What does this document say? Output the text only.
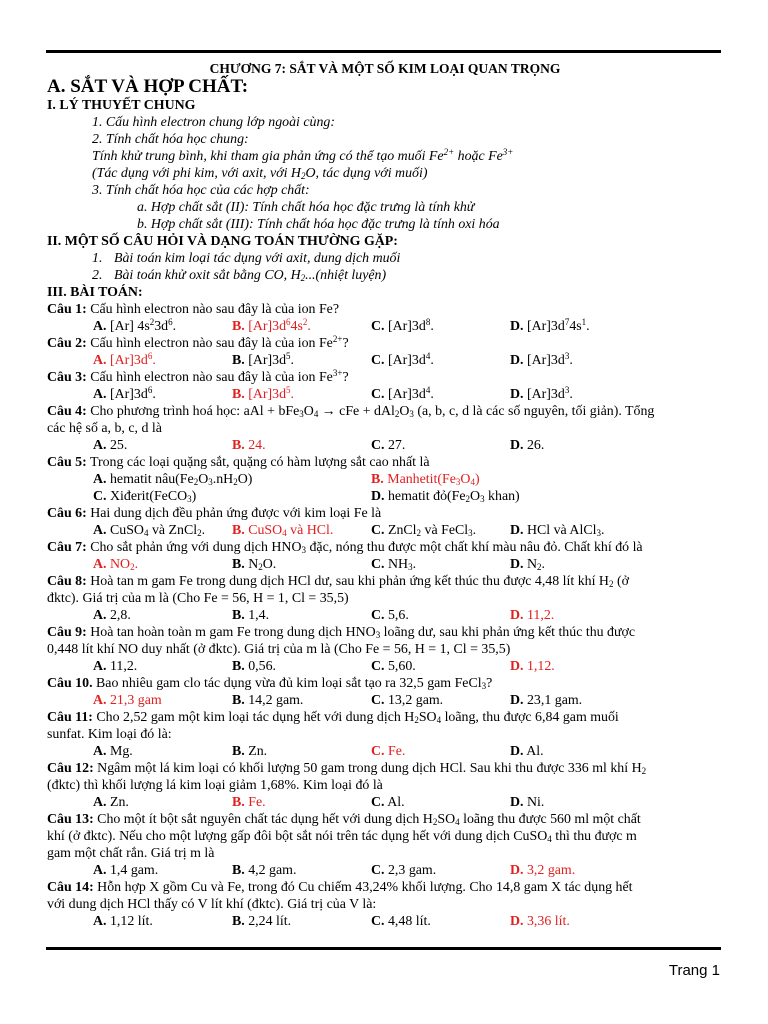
CHƯƠNG 7: SẮT VÀ MỘT SỐ KIM LOẠI QUAN TRỌNG
A. SẮT VÀ HỢP CHẤT:
I. LÝ THUYẾT CHUNG
1. Cấu hình electron chung lớp ngoài cùng:
2. Tính chất hóa học chung:
Tính khử trung bình, khi tham gia phản ứng có thể tạo muối $Fe^{2+}$ hoặc $Fe^{3+}$
(Tác dụng với phi kim, với axit, với $H_2O$, tác dụng với muối)
3. Tính chất hóa học của các hợp chất:
a. Hợp chất sắt (II): Tính chất hóa học đặc trưng là tính khử
b. Hợp chất sắt (III): Tính chất hóa học đặc trưng là tính oxi hóa
II. MỘT SỐ CÂU HỎI VÀ DẠNG TOÁN THƯỜNG GẶP:
1. Bài toán kim loại tác dụng với axit, dung dịch muối
2. Bài toán khử oxit sắt bằng CO, $H_2...(nhiệt$ luyện)
III. BÀI TOÁN:
Câu 1: Cấu hình electron nào sau đây là của ion Fe?
A. [Ar] $4s^23d^6$.	B. $[Ar]3d^64s^2$.	C. $[Ar]3d^8$.	D. $[Ar]3d^74s^1$.
Câu 2: Cấu hình electron nào sau đây là của ion $Fe^{2+}$?
A. $[Ar]3d^6$.	B. $[Ar]3d^5$.	C. $[Ar]3d^4$.	D. $[Ar]3d^3$.
Câu 3: Cấu hình electron nào sau đây là của ion $Fe^{3+}$?
A. $[Ar]3d^6$.	B. $[Ar]3d^5$.	C. $[Ar]3d^4$.	D. $[Ar]3d^3$.
Câu 4: Cho phương trình hoá học: aAl + $bFe_3O_4$ → cFe + $dAl_2O_3$ (a, b, c, d là các số nguyên, tối giản). Tổng
các hệ số a, b, c, d là
A. 25.	B. 24.	C. 27.	D. 26.
Câu 5: Trong các loại quặng sắt, quặng có hàm lượng sắt cao nhất là
A. hematit $nâu(Fe_2O_3.nH_2O)$	B. $Manhetit(Fe_3O_4)$
C. Xiđerit(FeCO$_3$)	D. hematit $đỏ(Fe_2O_3$ khan)
Câu 6: Hai dung dịch đều phản ứng được với kim loại Fe là
A. CuSO$_4$ và ZnCl$_2$.	B. CuSO$_4$ và HCl.	C. ZnCl$_2$ và FeCl$_3$.	D. HCl và AlCl$_3$.
Câu 7: Cho sắt phản ứng với dung dịch $HNO_3$ đặc, nóng thu được một chất khí màu nâu đỏ. Chất khí đó là
A. $NO_2$.	B. $N_2O$.	C. $NH_3$.	D. $N_2$.
Câu 8: Hoà tan m gam Fe trong dung dịch HCl dư, sau khi phản ứng kết thúc thu được 4,48 lít khí $H_2$ (ở
đktc). Giá trị của m là (Cho Fe = 56, H = 1, Cl = 35,5)
A. 2,8.	B. 1,4.	C. 5,6.	D. 11,2.
Câu 9: Hoà tan hoàn toàn m gam Fe trong dung dịch $HNO_3$ loãng dư, sau khi phản ứng kết thúc thu được
0,448 lít khí NO duy nhất (ở đktc). Giá trị của m là (Cho Fe = 56, H = 1, Cl = 35,5)
A. 11,2.	B. 0,56.	C. 5,60.	D. 1,12.
Câu 10. Bao nhiêu gam clo tác dụng vừa đủ kim loại sắt tạo ra 32,5 gam FeCl$_3$?
A. 21,3 gam	B. 14,2 gam.	C. 13,2 gam.	D. 23,1 gam.
Câu 11: Cho 2,52 gam một kim loại tác dụng hết với dung dịch $H_2SO_4$ loãng, thu được 6,84 gam muối
sunfat. Kim loại đó là:
A. Mg.	B. Zn.	C. Fe.	D. Al.
Câu 12: Ngâm một lá kim loại có khối lượng 50 gam trong dung dịch HCl. Sau khi thu được 336 ml khí $H_2$
(đktc) thì khối lượng lá kim loại giảm 1,68%. Kim loại đó là
A. Zn.	B. Fe.	C. Al.	D. Ni.
Câu 13: Cho một ít bột sắt nguyên chất tác dụng hết với dung dịch $H_2SO_4$ loãng thu được 560 ml một chất
khí (ở đktc). Nếu cho một lượng gấp đôi bột sắt nói trên tác dụng hết với dung dịch CuSO$_4$ thì thu được m
gam một chất rắn. Giá trị m là
A. 1,4 gam.	B. 4,2 gam.	C. 2,3 gam.	D. 3,2 gam.
Câu 14: Hỗn hợp X gồm Cu và Fe, trong đó Cu chiếm 43,24% khối lượng. Cho 14,8 gam X tác dụng hết
với dung dịch HCl thấy có V lít khí (đktc). Giá trị của V là:
A. 1,12 lít.	B. 2,24 lít.	C. 4,48 lít.	D. 3,36 lít.
Trang 1
